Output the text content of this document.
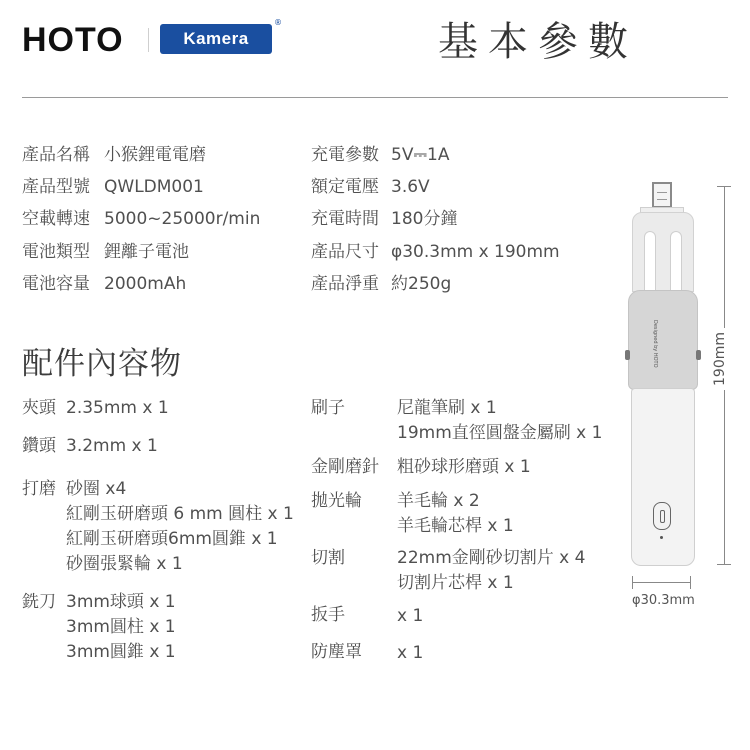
HOTO	Kamera
®	基本參數
產品名稱 小猴鋰電電磨
產品型號 QWLDM001
空載轉速 5000~25000r/min
電池類型 鋰離子電池
電池容量 2000mAh
充電參數 5V⎓1A
額定電壓 3.6V
充電時間 180分鐘
產品尺寸 φ30.3mm x 190mm
產品淨重 約250g
配件內容物
夾頭 2.35mm x 1
鑽頭 3.2mm x 1
打磨 砂圈 x4
紅剛玉研磨頭 6 mm 圓柱 x 1
紅剛玉研磨頭6mm圓錐 x 1
砂圈張緊輪 x 1
銑刀 3mm球頭 x 1
3mm圓柱 x 1
3mm圓錐 x 1
刷子	尼龍筆刷 x 1
19mm直徑圓盤金屬刷 x 1
金剛磨針 粗砂球形磨頭 x 1
拋光輪 羊毛輪 x 2
羊毛輪芯桿 x 1
切割	22mm金剛砂切割片 x 4
切割片芯桿 x 1
扳手	x 1
防塵罩 x 1
Designed by HOTO	190mm
φ30.3mm
